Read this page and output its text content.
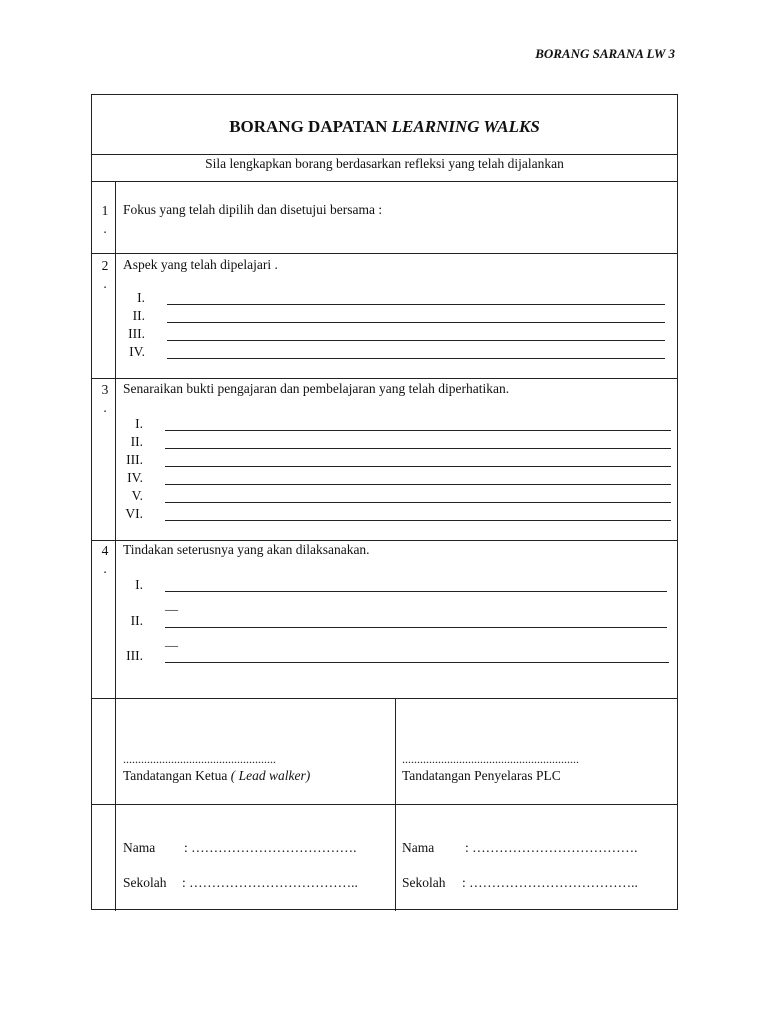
BORANG SARANA LW 3
BORANG DAPATAN LEARNING WALKS
Sila lengkapkan borang berdasarkan refleksi yang telah dijalankan
1
.
Fokus yang telah dipilih dan disetujui bersama :
2
.
Aspek yang telah dipelajari .
I.
II.
III.
IV.
3
.
Senaraikan bukti pengajaran dan pembelajaran yang telah diperhatikan.
I.
II.
III.
IV.
V.
VI.
4
.
Tindakan seterusnya yang akan dilaksanakan.
I.
__
II.
__
III.
...................................................
Tandatangan Ketua ( Lead walker)
...........................................................
Tandatangan Penyelaras PLC
Nama : ……………………………….
Sekolah : ………………………………..
Nama : ……………………………….
Sekolah : ………………………………..
